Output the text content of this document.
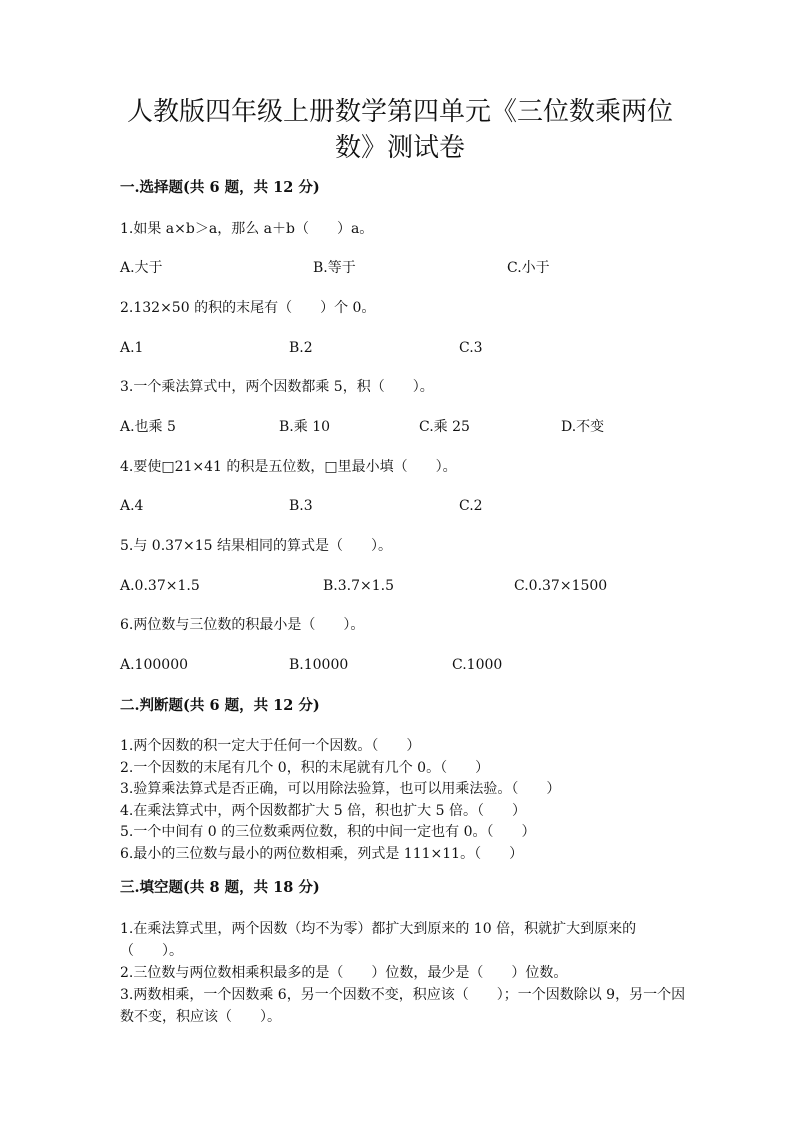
人教版四年级上册数学第四单元《三位数乘两位
数》测试卷
一.选择题(共 6 题，共 12 分)
1.如果 a×b＞a，那么 a＋b（　　）a。
A.大于	B.等于	C.小于
2.132×50 的积的末尾有（　　）个 0。
A.1	B.2	C.3
3.一个乘法算式中，两个因数都乘 5，积（　　）。
A.也乘 5	B.乘 10	C.乘 25	D.不变
4.要使□21×41 的积是五位数，□里最小填（　　）。
A.4	B.3	C.2
5.与 0.37×15 结果相同的算式是（　　）。
A.0.37×1.5	B.3.7×1.5	C.0.37×1500
6.两位数与三位数的积最小是（　　）。
A.100000	B.10000	C.1000
二.判断题(共 6 题，共 12 分)
1.两个因数的积一定大于任何一个因数。（　　）
2.一个因数的末尾有几个 0，积的末尾就有几个 0。（　　）
3.验算乘法算式是否正确，可以用除法验算，也可以用乘法验。（　　）
4.在乘法算式中，两个因数都扩大 5 倍，积也扩大 5 倍。（　　）
5.一个中间有 0 的三位数乘两位数，积的中间一定也有 0。（　　）
6.最小的三位数与最小的两位数相乘，列式是 111×11。（　　）
三.填空题(共 8 题，共 18 分)
1.在乘法算式里，两个因数（均不为零）都扩大到原来的 10 倍，积就扩大到原来的（　　）。
2.三位数与两位数相乘积最多的是（　　）位数，最少是（　　）位数。
3.两数相乘，一个因数乘 6，另一个因数不变，积应该（　　）；一个因数除以 9，另一个因数不变，积应该（　　）。
